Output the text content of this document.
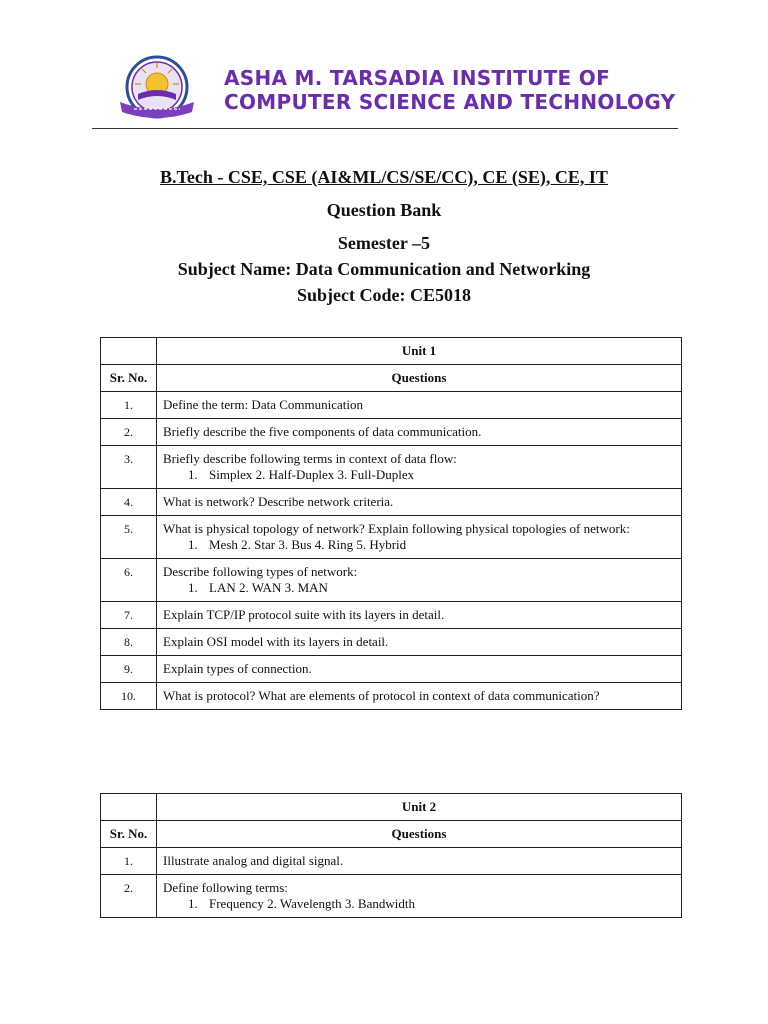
ASHA M. TARSADIA INSTITUTE OF
COMPUTER SCIENCE AND TECHNOLOGY
B.Tech - CSE, CSE (AI&ML/CS/SE/CC), CE (SE), CE, IT
Question Bank
Semester –5
Subject Name: Data Communication and Networking
Subject Code: CE5018
	Unit 1
Sr. No.	Questions
1.	Define the term: Data Communication
2.	Briefly describe the five components of data communication.
3.	Briefly describe following terms in context of data flow:
1. Simplex 2. Half-Duplex 3. Full-Duplex

4.	What is network? Describe network criteria.
5.	What is physical topology of network? Explain following physical topologies of network:
1. Mesh 2. Star 3. Bus 4. Ring 5. Hybrid

6.	Describe following types of network:
1. LAN 2. WAN 3. MAN

7.	Explain TCP/IP protocol suite with its layers in detail.
8.	Explain OSI model with its layers in detail.
9.	Explain types of connection.
10.	What is protocol? What are elements of protocol in context of data communication?
	Unit 2
Sr. No.	Questions
1.	Illustrate analog and digital signal.
2.	Define following terms:
1. Frequency 2. Wavelength 3. Bandwidth
